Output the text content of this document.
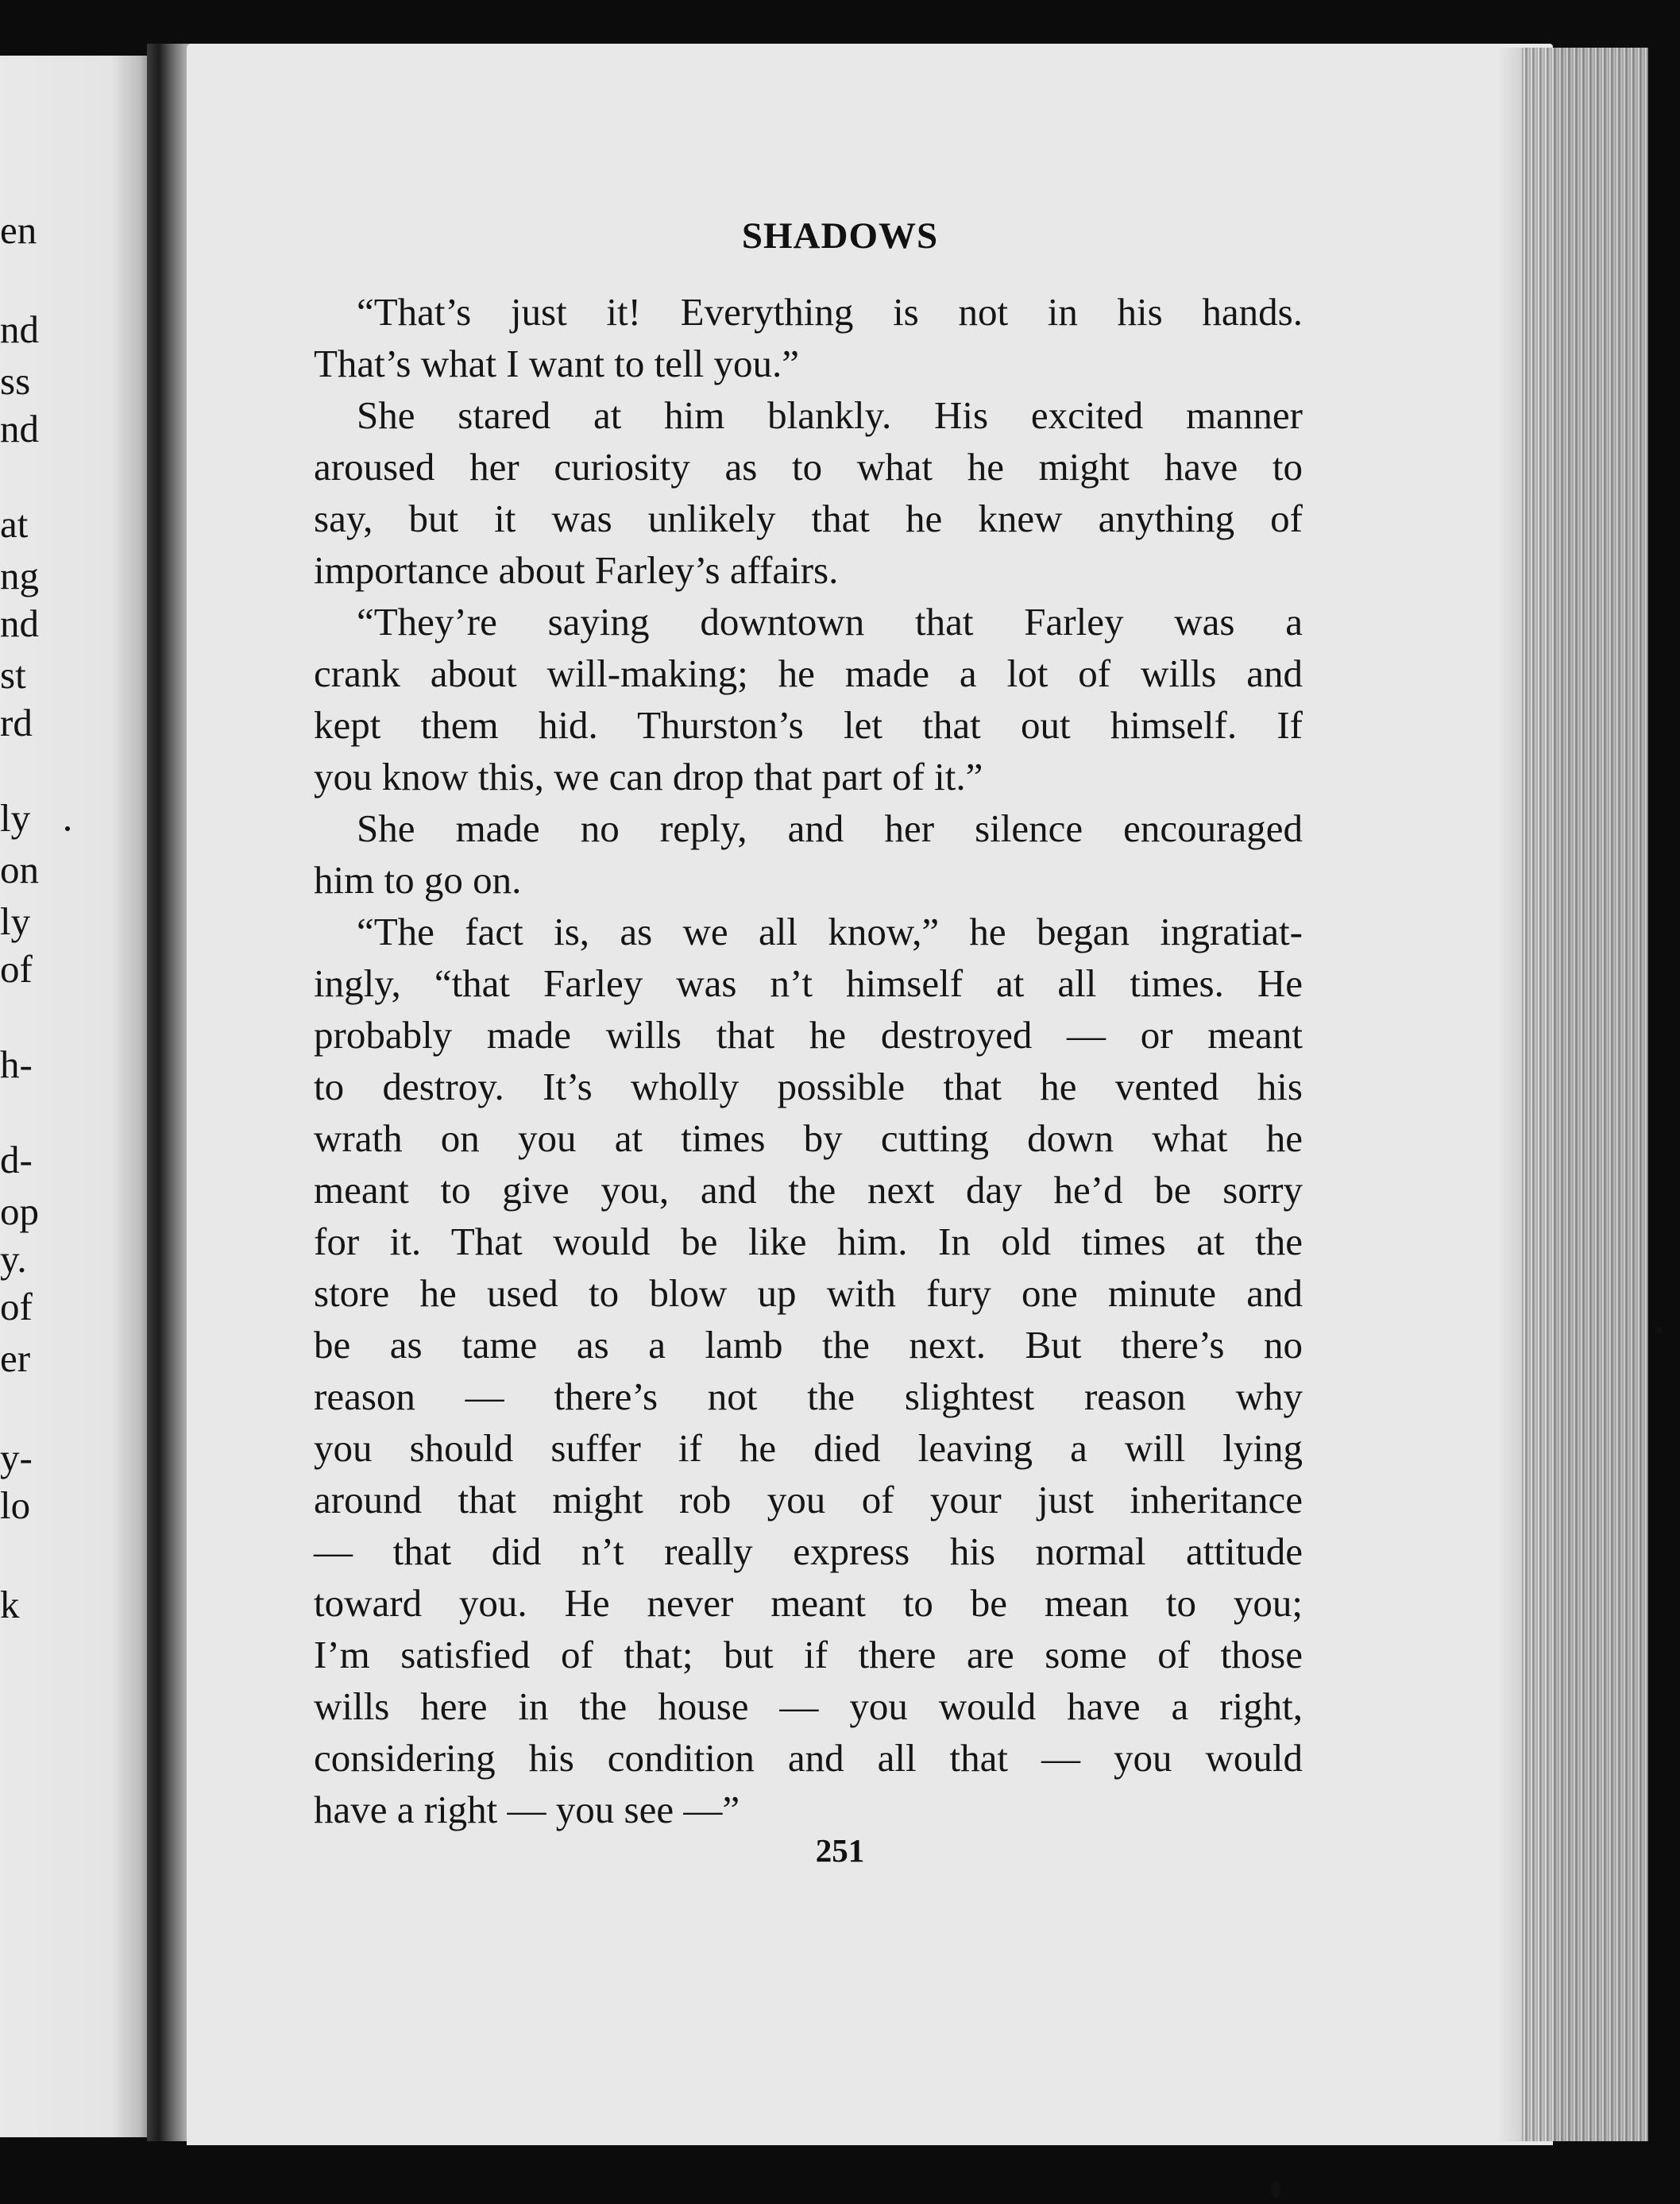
en
nd
ss
nd
at
ng
nd
st
rd
ly
on
ly
of
h-
d-
op
y.
of
er
y-
lo
k
SHADOWS
“That’s just it! Everything is not in his hands.
That’s what I want to tell you.”
She stared at him blankly. His excited manner
aroused her curiosity as to what he might have to
say, but it was unlikely that he knew anything of
importance about Farley’s affairs.
“They’re saying downtown that Farley was a
crank about will-making; he made a lot of wills and
kept them hid. Thurston’s let that out himself. If
you know this, we can drop that part of it.”
She made no reply, and her silence encouraged
him to go on.
“The fact is, as we all know,” he began ingratiat-
ingly, “that Farley was n’t himself at all times. He
probably made wills that he destroyed — or meant
to destroy. It’s wholly possible that he vented his
wrath on you at times by cutting down what he
meant to give you, and the next day he’d be sorry
for it. That would be like him. In old times at the
store he used to blow up with fury one minute and
be as tame as a lamb the next. But there’s no
reason — there’s not the slightest reason why
you should suffer if he died leaving a will lying
around that might rob you of your just inheritance
— that did n’t really express his normal attitude
toward you. He never meant to be mean to you;
I’m satisfied of that; but if there are some of those
wills here in the house — you would have a right,
considering his condition and all that — you would
have a right — you see —”
251
